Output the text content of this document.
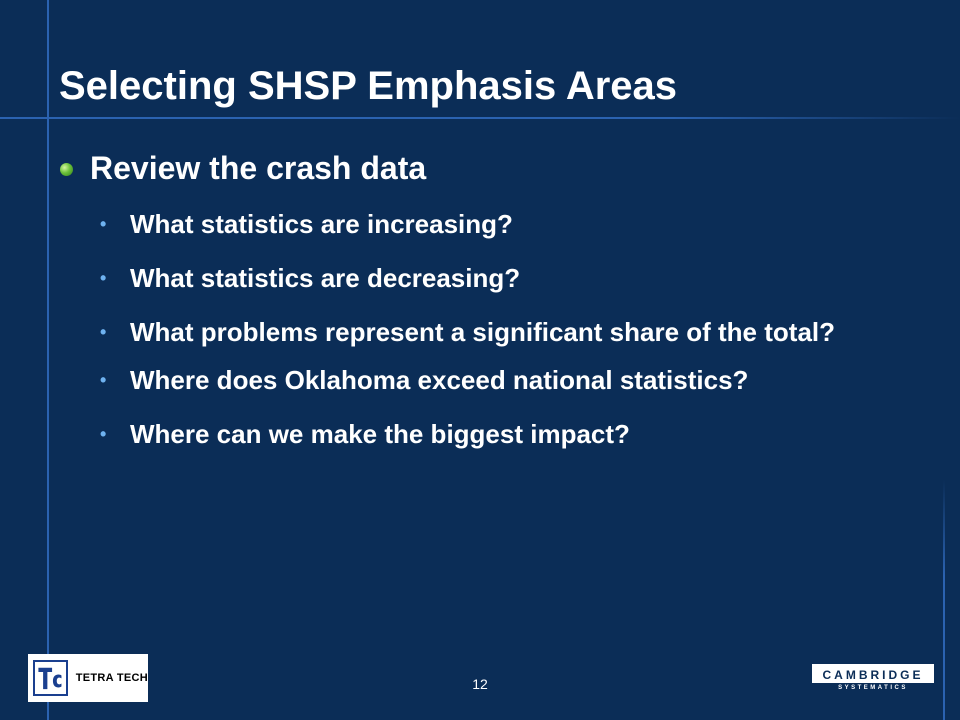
Selecting SHSP Emphasis Areas
Review the crash data
• What statistics are increasing?
• What statistics are decreasing?
• What problems represent a significant share of the total?
• Where does Oklahoma exceed national statistics?
• Where can we make the biggest impact?
TETRA TECH	12
CAMBRIDGE
SYSTEMATICS
